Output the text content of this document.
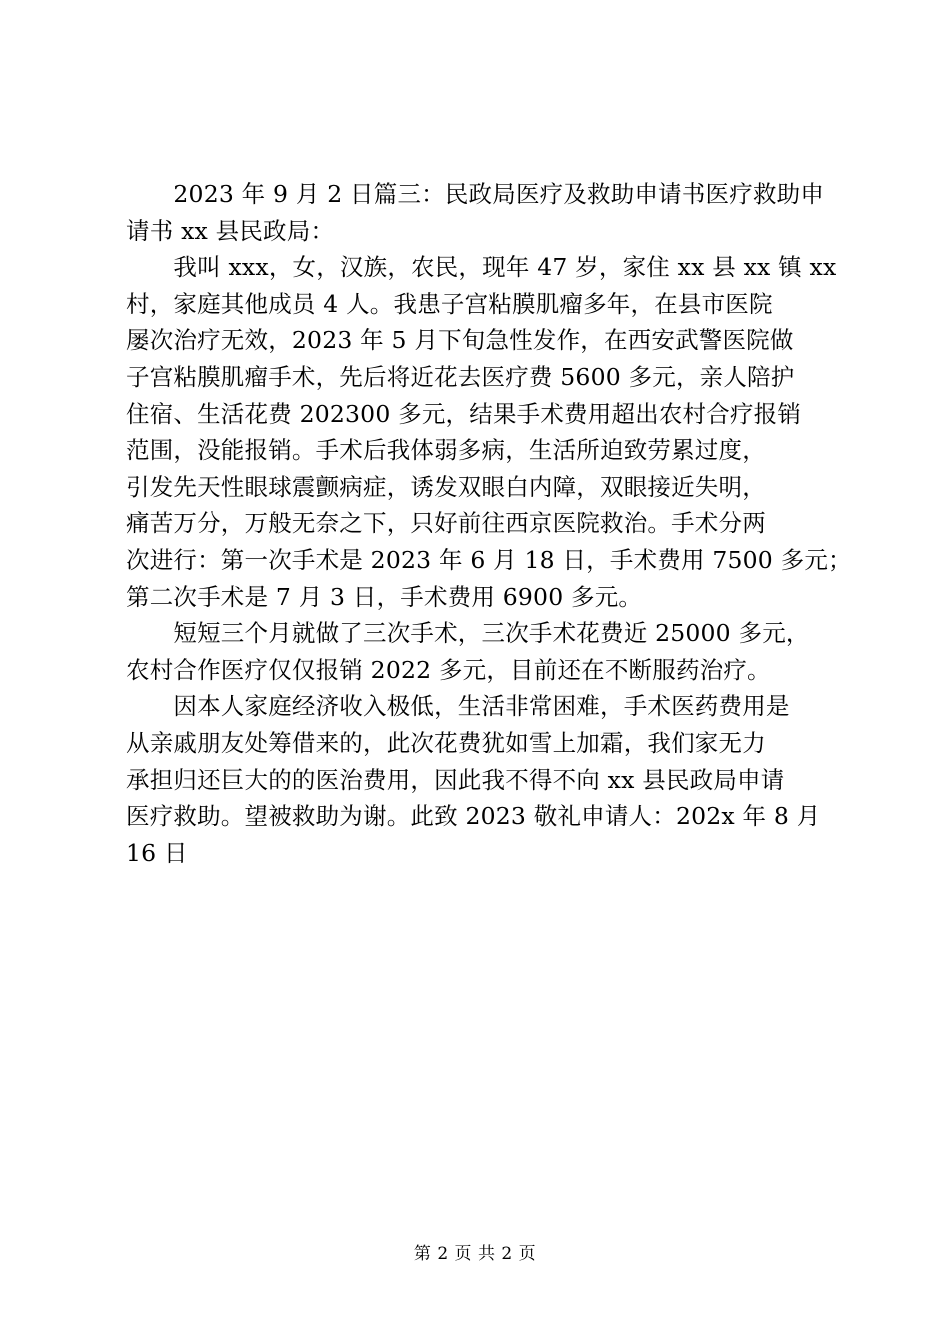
　　2023 年 9 月 2 日篇三：民政局医疗及救助申请书医疗救助申
请书 xx 县民政局：
　　我叫 xxx，女，汉族，农民，现年 47 岁，家住 xx 县 xx 镇 xx
村，家庭其他成员 4 人。我患子宫粘膜肌瘤多年，在县市医院
屡次治疗无效，2023 年 5 月下旬急性发作，在西安武警医院做
子宫粘膜肌瘤手术，先后将近花去医疗费 5600 多元，亲人陪护
住宿、生活花费 202300 多元，结果手术费用超出农村合疗报销
范围，没能报销。手术后我体弱多病，生活所迫致劳累过度，
引发先天性眼球震颤病症，诱发双眼白内障，双眼接近失明，
痛苦万分，万般无奈之下，只好前往西京医院救治。手术分两
次进行：第一次手术是 2023 年 6 月 18 日，手术费用 7500 多元；
第二次手术是 7 月 3 日，手术费用 6900 多元。
　　短短三个月就做了三次手术，三次手术花费近 25000 多元，
农村合作医疗仅仅报销 2022 多元，目前还在不断服药治疗。
　　因本人家庭经济收入极低，生活非常困难，手术医药费用是
从亲戚朋友处筹借来的，此次花费犹如雪上加霜，我们家无力
承担归还巨大的的医治费用，因此我不得不向 xx 县民政局申请
医疗救助。望被救助为谢。此致 2023 敬礼申请人：202x 年 8 月
16 日
第 2 页 共 2 页
